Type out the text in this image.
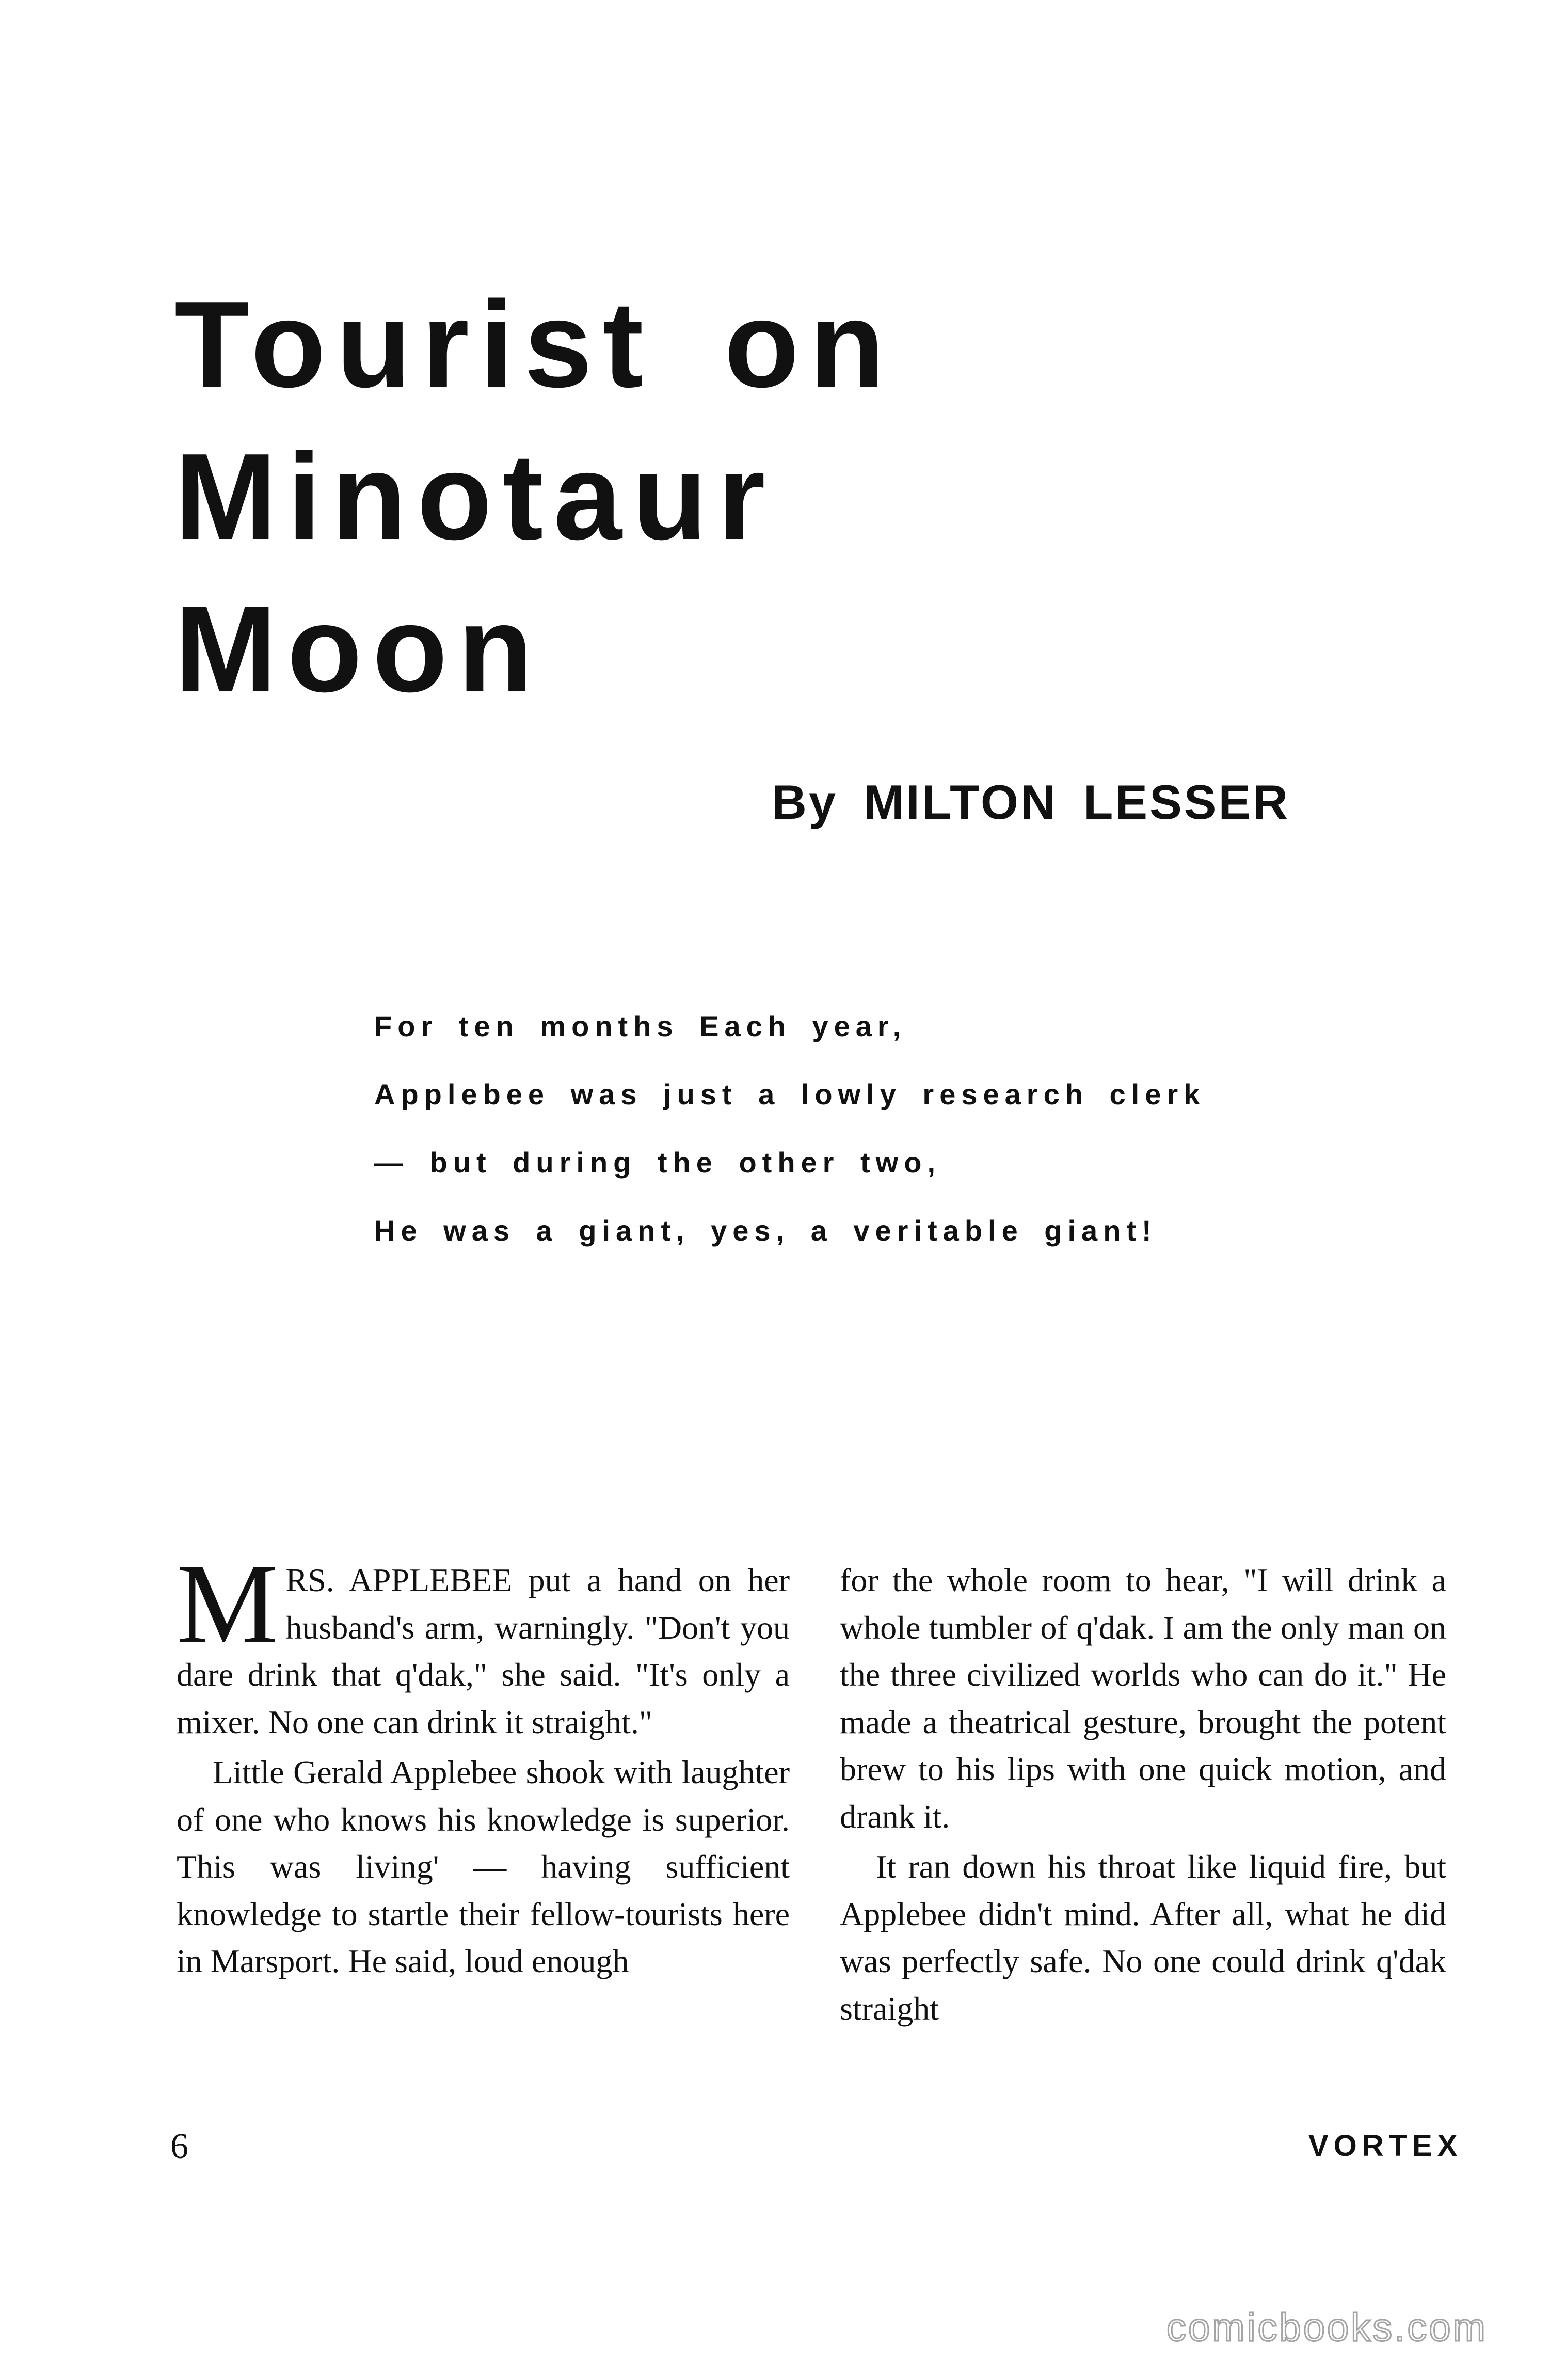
Tourist on
Minotaur
Moon
By MILTON LESSER
For ten months Each year,
Applebee was just a lowly research clerk
— but during the other two,
He was a giant, yes, a veritable giant!

MRS. APPLEBEE put a hand on her husband's arm, warningly. "Don't you dare drink that q'dak," she said. "It's only a mixer. No one can drink it straight."

Little Gerald Applebee shook with laughter of one who knows his knowledge is superior. This was living' — having sufficient knowledge to startle their fellow-tourists here in Marsport. He said, loud enough

for the whole room to hear, "I will drink a whole tumbler of q'dak. I am the only man on the three civilized worlds who can do it." He made a theatrical gesture, brought the potent brew to his lips with one quick motion, and drank it.

It ran down his throat like liquid fire, but Applebee didn't mind. After all, what he did was perfectly safe. No one could drink q'dak straight

6	VORTEX
comicbooks.com
